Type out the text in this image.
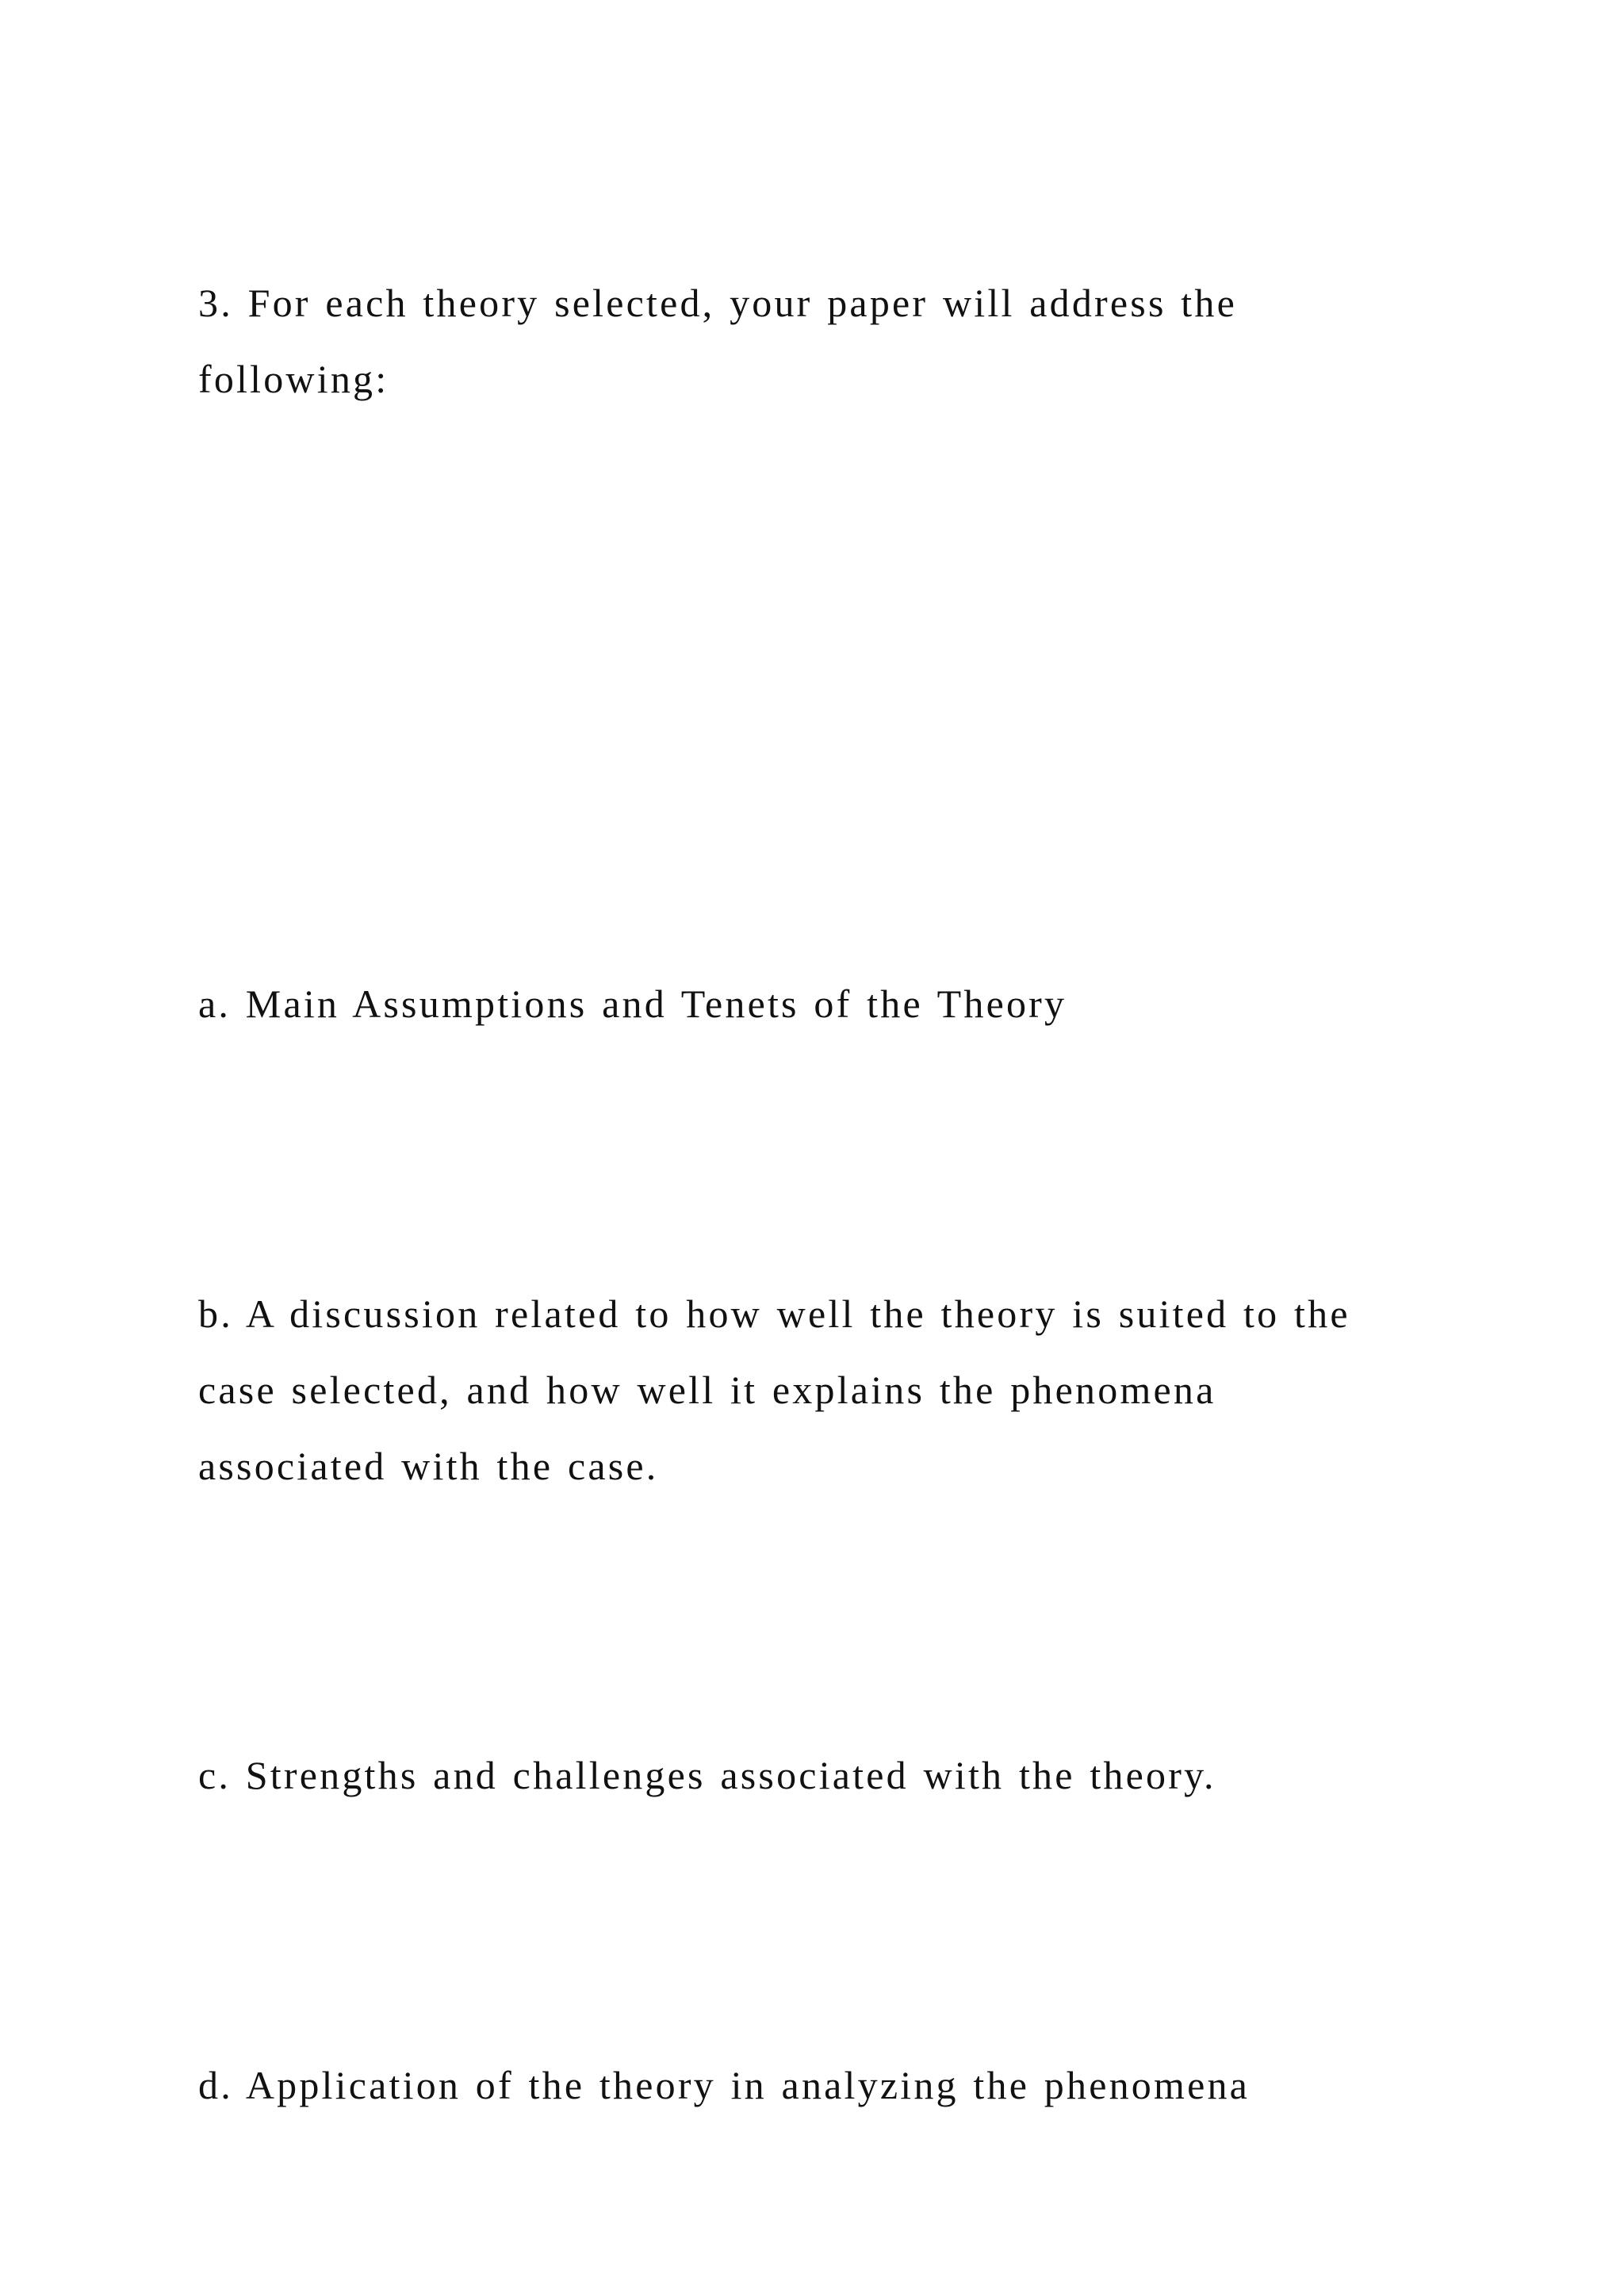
3. For each theory selected, your paper will address the
following:

a. Main Assumptions and Tenets of the Theory

b. A discussion related to how well the theory is suited to the
case selected, and how well it explains the phenomena
associated with the case.

c. Strengths and challenges associated with the theory.

d. Application of the theory in analyzing the phenomena
